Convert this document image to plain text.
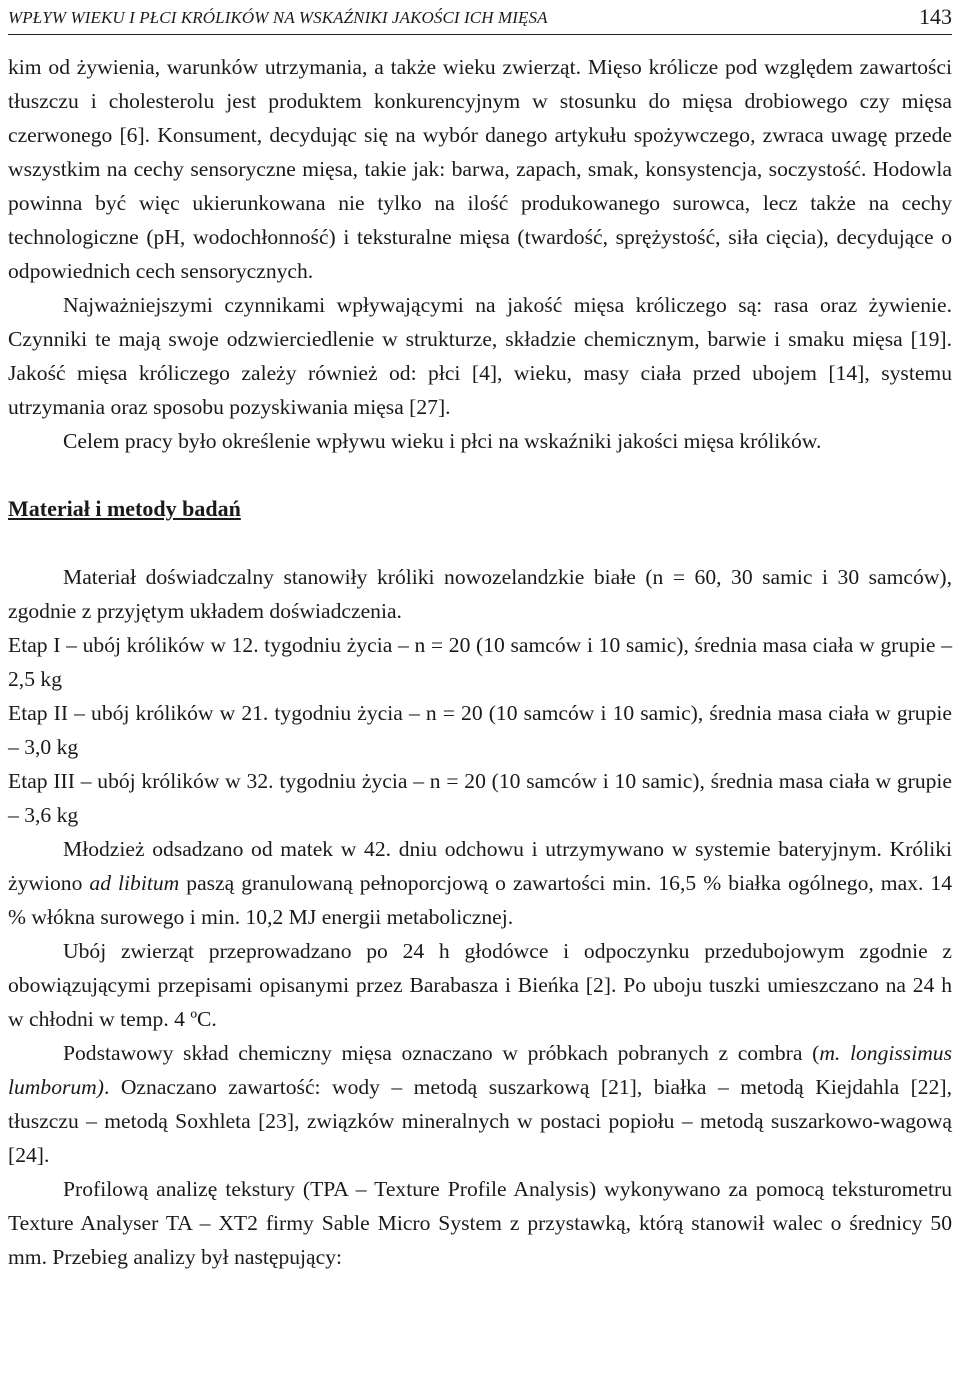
WPŁYW WIEKU I PŁCI KRÓLIKÓW NA WSKAŹNIKI JAKOŚCI ICH MIĘSA	143

kim od żywienia, warunków utrzymania, a także wieku zwierząt. Mięso królicze pod względem zawartości tłuszczu i cholesterolu jest produktem konkurencyjnym w stosunku do mięsa drobiowego czy mięsa czerwonego [6]. Konsument, decydując się na wybór danego artykułu spożywczego, zwraca uwagę przede wszystkim na cechy sensoryczne mięsa, takie jak: barwa, zapach, smak, konsystencja, soczystość. Hodowla powinna być więc ukierunkowana nie tylko na ilość produkowanego surowca, lecz także na cechy technologiczne (pH, wodochłonność) i teksturalne mięsa (twardość, sprężystość, siła cięcia), decydujące o odpowiednich cech sensorycznych.

Najważniejszymi czynnikami wpływającymi na jakość mięsa króliczego są: rasa oraz żywienie. Czynniki te mają swoje odzwierciedlenie w strukturze, składzie chemicznym, barwie i smaku mięsa [19]. Jakość mięsa króliczego zależy również od: płci [4], wieku, masy ciała przed ubojem [14], systemu utrzymania oraz sposobu pozyskiwania mięsa [27].

Celem pracy było określenie wpływu wieku i płci na wskaźniki jakości mięsa królików.

Materiał i metody badań

Materiał doświadczalny stanowiły króliki nowozelandzkie białe (n = 60, 30 samic i 30 samców), zgodnie z przyjętym układem doświadczenia.

Etap I – ubój królików w 12. tygodniu życia – n = 20 (10 samców i 10 samic), średnia masa ciała w grupie – 2,5 kg

Etap II – ubój królików w 21. tygodniu życia – n = 20 (10 samców i 10 samic), średnia masa ciała w grupie – 3,0 kg

Etap III – ubój królików w 32. tygodniu życia – n = 20 (10 samców i 10 samic), średnia masa ciała w grupie – 3,6 kg

Młodzież odsadzano od matek w 42. dniu odchowu i utrzymywano w systemie bateryjnym. Króliki żywiono ad libitum paszą granulowaną pełnoporcjową o zawartości min. 16,5 % białka ogólnego, max. 14 % włókna surowego i min. 10,2 MJ energii metabolicznej.

Ubój zwierząt przeprowadzano po 24 h głodówce i odpoczynku przedubojowym zgodnie z obowiązującymi przepisami opisanymi przez Barabasza i Bieńka [2]. Po uboju tuszki umieszczano na 24 h w chłodni w temp. 4 ºC.

Podstawowy skład chemiczny mięsa oznaczano w próbkach pobranych z combra (m. longissimus lumborum). Oznaczano zawartość: wody – metodą suszarkową [21], białka – metodą Kiejdahla [22], tłuszczu – metodą Soxhleta [23], związków mineralnych w postaci popiołu – metodą suszarkowo-wagową [24].

Profilową analizę tekstury (TPA – Texture Profile Analysis) wykonywano za pomocą teksturometru Texture Analyser TA – XT2 firmy Sable Micro System z przystawką, którą stanowił walec o średnicy 50 mm. Przebieg analizy był następujący:
